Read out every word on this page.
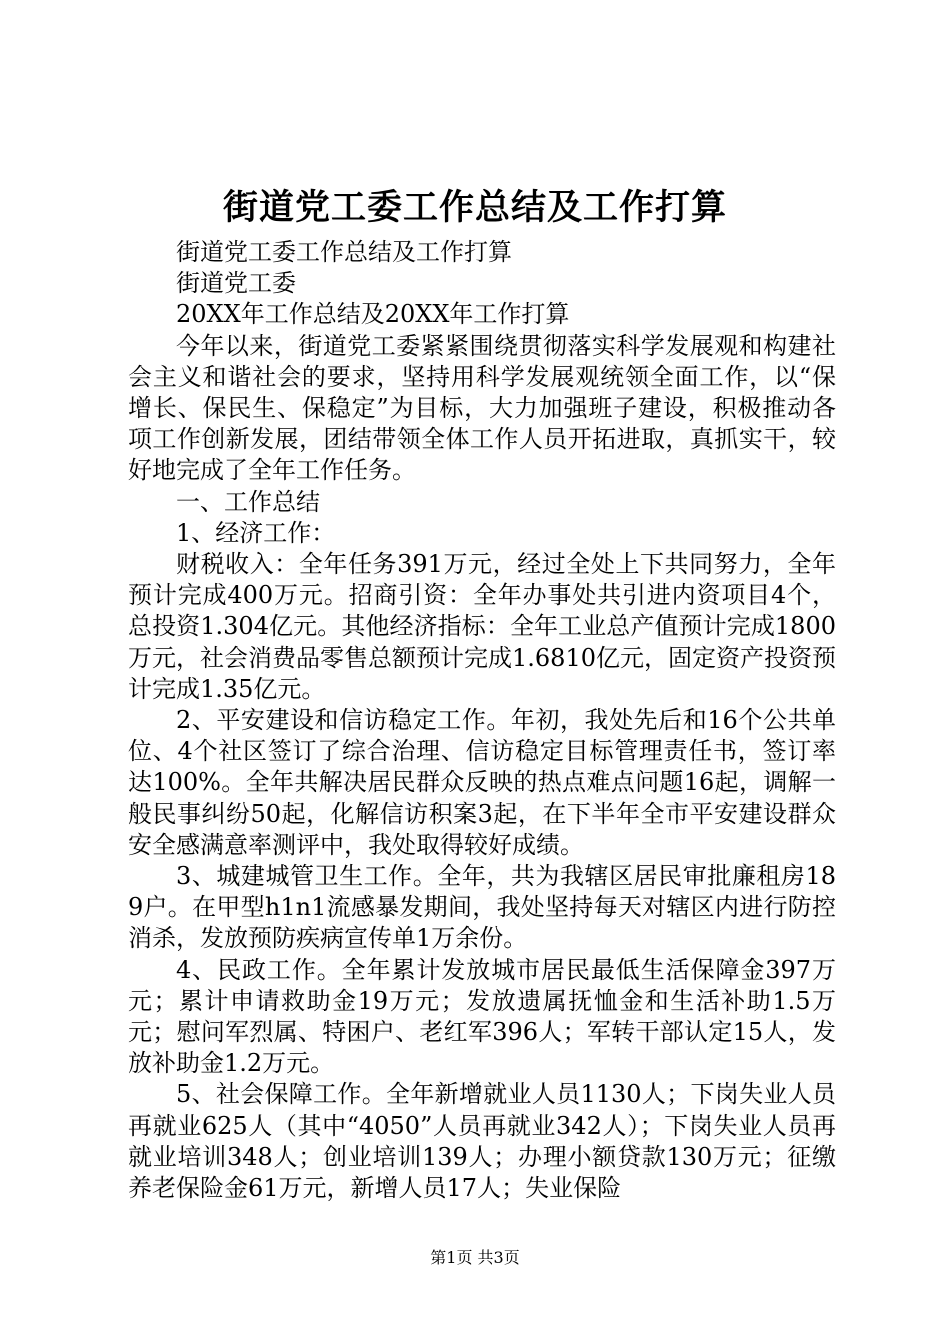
街道党工委工作总结及工作打算

街道党工委工作总结及工作打算

街道党工委

20XX年工作总结及20XX年工作打算

今年以来，街道党工委紧紧围绕贯彻落实科学发展观和构建社会主义和谐社会的要求，坚持用科学发展观统领全面工作，以“保增长、保民生、保稳定”为目标，大力加强班子建设，积极推动各项工作创新发展，团结带领全体工作人员开拓进取，真抓实干，较好地完成了全年工作任务。

一、工作总结

1、经济工作：

财税收入：全年任务391万元，经过全处上下共同努力，全年预计完成400万元。招商引资：全年办事处共引进内资项目4个，总投资1.304亿元。其他经济指标：全年工业总产值预计完成1800万元，社会消费品零售总额预计完成1.6810亿元，固定资产投资预计完成1.35亿元。

2、平安建设和信访稳定工作。年初，我处先后和16个公共单位、4个社区签订了综合治理、信访稳定目标管理责任书，签订率达100%。全年共解决居民群众反映的热点难点问题16起，调解一般民事纠纷50起，化解信访积案3起，在下半年全市平安建设群众安全感满意率测评中，我处取得较好成绩。

3、城建城管卫生工作。全年，共为我辖区居民审批廉租房189户。在甲型h1n1流感暴发期间，我处坚持每天对辖区内进行防控消杀，发放预防疾病宣传单1万余份。

4、民政工作。全年累计发放城市居民最低生活保障金397万元；累计申请救助金19万元；发放遗属抚恤金和生活补助1.5万元；慰问军烈属、特困户、老红军396人；军转干部认定15人，发放补助金1.2万元。

5、社会保障工作。全年新增就业人员1130人；下岗失业人员再就业625人（其中“4050”人员再就业342人）；下岗失业人员再就业培训348人；创业培训139人；办理小额贷款130万元；征缴养老保险金61万元，新增人员17人；失业保险

第1页 共3页
